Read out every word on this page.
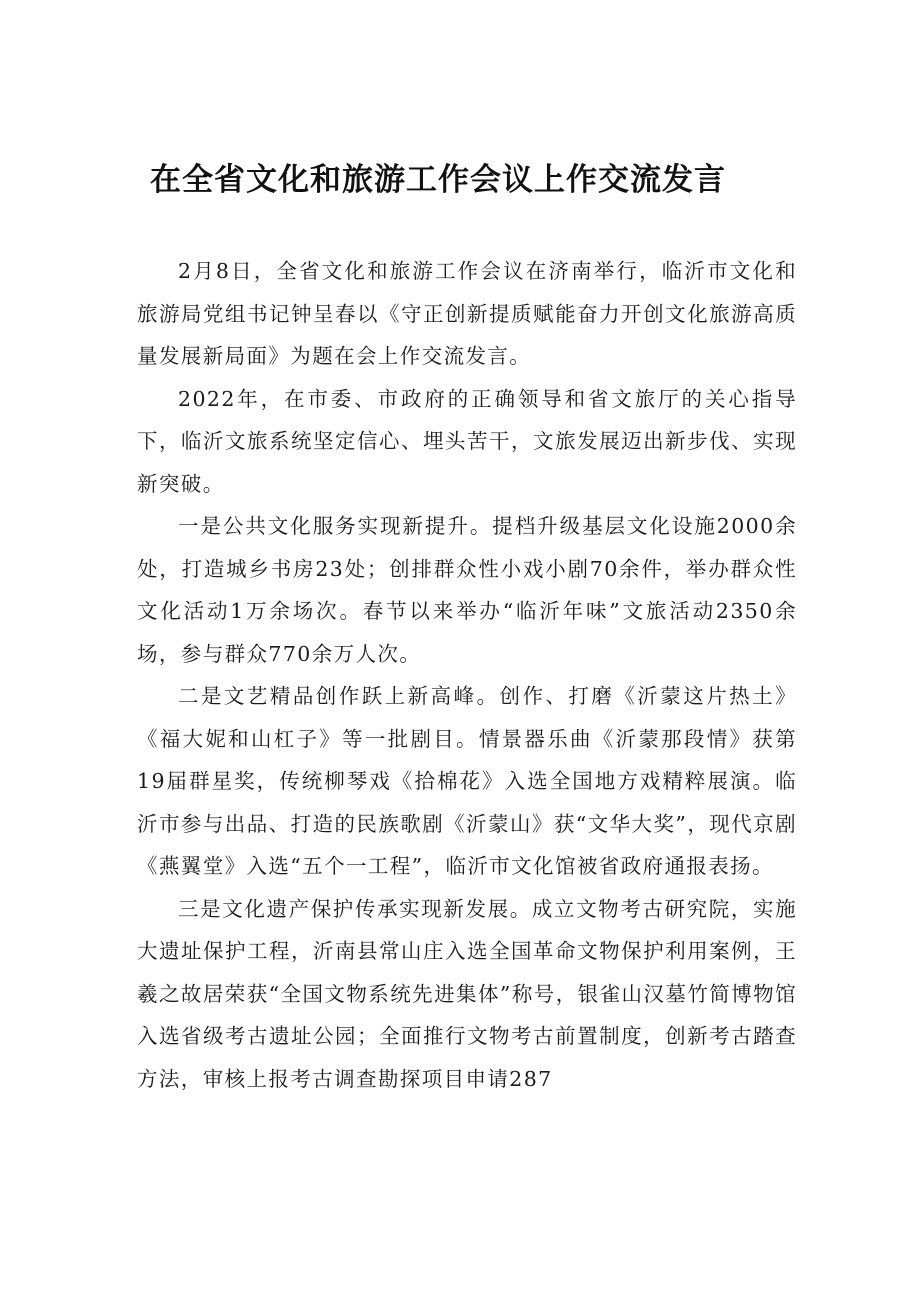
在全省文化和旅游工作会议上作交流发言

2月8日，全省文化和旅游工作会议在济南举行，临沂市文化和旅游局党组书记钟呈春以《守正创新提质赋能奋力开创文化旅游高质量发展新局面》为题在会上作交流发言。

2022年，在市委、市政府的正确领导和省文旅厅的关心指导下，临沂文旅系统坚定信心、埋头苦干，文旅发展迈出新步伐、实现新突破。

一是公共文化服务实现新提升。提档升级基层文化设施2000余处，打造城乡书房23处；创排群众性小戏小剧70余件，举办群众性文化活动1万余场次。春节以来举办“临沂年味”文旅活动2350余场，参与群众770余万人次。

二是文艺精品创作跃上新高峰。创作、打磨《沂蒙这片热土》《福大妮和山杠子》等一批剧目。情景器乐曲《沂蒙那段情》获第19届群星奖，传统柳琴戏《拾棉花》入选全国地方戏精粹展演。临沂市参与出品、打造的民族歌剧《沂蒙山》获“文华大奖”，现代京剧《燕翼堂》入选“五个一工程”，临沂市文化馆被省政府通报表扬。

三是文化遗产保护传承实现新发展。成立文物考古研究院，实施大遗址保护工程，沂南县常山庄入选全国革命文物保护利用案例，王羲之故居荣获“全国文物系统先进集体”称号，银雀山汉墓竹简博物馆入选省级考古遗址公园；全面推行文物考古前置制度，创新考古踏查方法，审核上报考古调查勘探项目申请287
